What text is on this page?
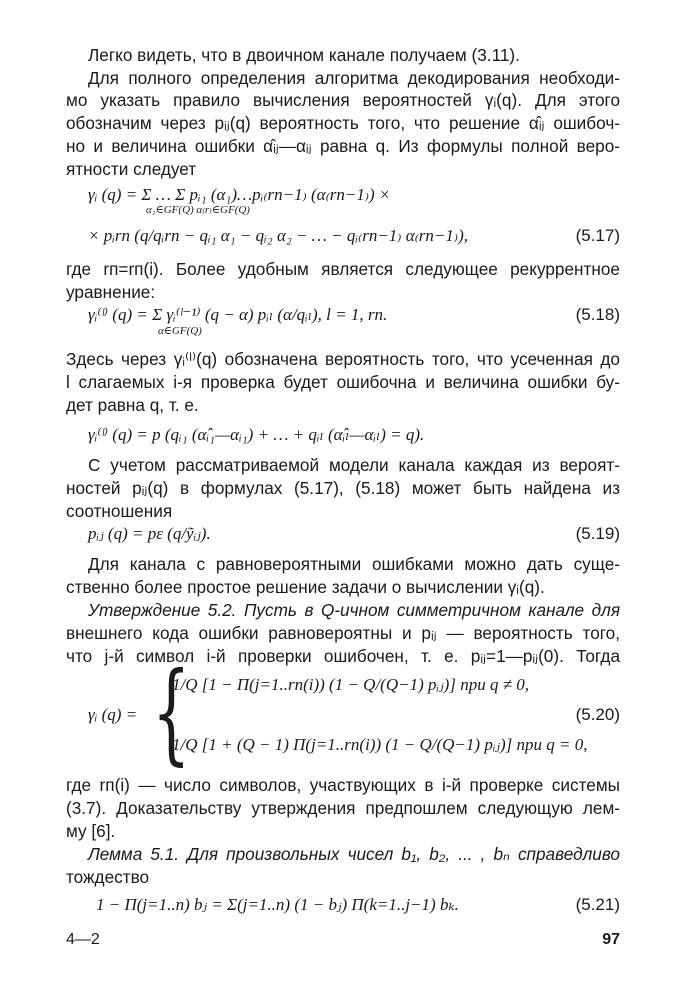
Легко видеть, что в двоичном канале получаем (3.11).
Для полного определения алгоритма декодирования необходи-
мо указать правило вычисления вероятностей γᵢ(q). Для этого
обозначим через pᵢⱼ(q) вероятность того, что решение α̂ᵢⱼ ошибоч-
но и величина ошибки α̂ᵢⱼ—αᵢⱼ равна q. Из формулы полной веро-
ятности следует
γᵢ (q) = Σ … Σ pᵢ₁ (α₁)…pᵢ₍rп−1₎ (α₍rп−1₎) ×
α₁∈GF(Q) α₍r₎∈GF(Q)
× pᵢrп (q/qᵢrп − qᵢ₁ α₁ − qᵢ₂ α₂ − … − qᵢ₍rп−1₎ α₍rп−1₎),	(5.17)
где rп=rп(i). Более удобным является следующее рекуррентное
уравнение:
γᵢ⁽ˡ⁾ (q) = Σ γᵢ⁽ˡ⁻¹⁾ (q − α) pᵢₗ (α/qᵢₗ), l = 1, rп.
α∈GF(Q)
(5.18)
Здесь через γᵢ⁽ˡ⁾(q) обозначена вероятность того, что усеченная до
l слагаемых i-я проверка будет ошибочна и величина ошибки бу-
дет равна q, т. е.
γᵢ⁽ˡ⁾ (q) = p (qᵢ₁ (α̂ᵢ₁—αᵢ₁) + … + qᵢₗ (α̂ᵢₗ—αᵢₗ) = q).
С учетом рассматриваемой модели канала каждая из вероят-
ностей pᵢⱼ(q) в формулах (5.17), (5.18) может быть найдена из
соотношения
pᵢⱼ (q) = pε (q/ỹᵢⱼ).	(5.19)
Для канала с равновероятными ошибками можно дать суще-
ственно более простое решение задачи о вычислении γᵢ(q).
Утверждение 5.2. Пусть в Q-ичном симметричном канале для
внешнего кода ошибки равновероятны и pᵢⱼ — вероятность того,
что j-й символ i-й проверки ошибочен, т. е. pᵢⱼ=1—pᵢⱼ(0). Тогда
γᵢ (q) = {
1/Q [1 − Π(j=1..rп(i)) (1 − Q/(Q−1) pᵢⱼ)] при q ≠ 0,
1/Q [1 + (Q − 1) Π(j=1..rп(i)) (1 − Q/(Q−1) pᵢⱼ)] при q = 0,
(5.20)
где rп(i) — число символов, участвующих в i-й проверке системы
(3.7). Доказательству утверждения предпошлем следующую лем-
му [6].
Лемма 5.1. Для произвольных чисел b₁, b₂, ... , bₙ справедливо
тождество
1 − Π(j=1..n) bⱼ = Σ(j=1..n) (1 − bⱼ) Π(k=1..j−1) bₖ.	(5.21)
4—2	97
